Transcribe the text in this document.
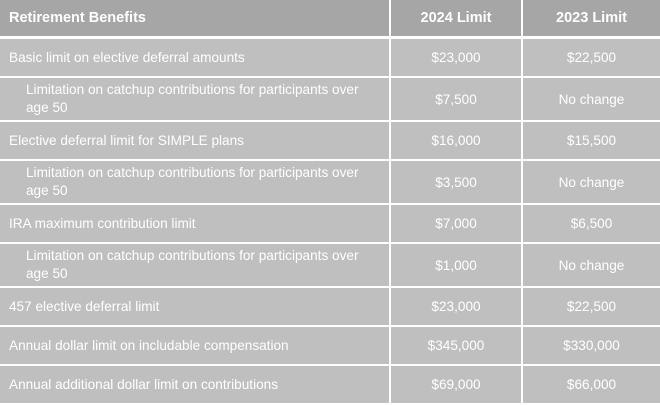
Retirement Benefits	2024 Limit	2023 Limit
Basic limit on elective deferral amounts	$23,000	$22,500
Limitation on catchup contributions for participants over age 50	$7,500	No change
Elective deferral limit for SIMPLE plans	$16,000	$15,500
Limitation on catchup contributions for participants over age 50	$3,500	No change
IRA maximum contribution limit	$7,000	$6,500
Limitation on catchup contributions for participants over age 50	$1,000	No change
457 elective deferral limit	$23,000	$22,500
Annual dollar limit on includable compensation	$345,000	$330,000
Annual additional dollar limit on contributions	$69,000	$66,000
